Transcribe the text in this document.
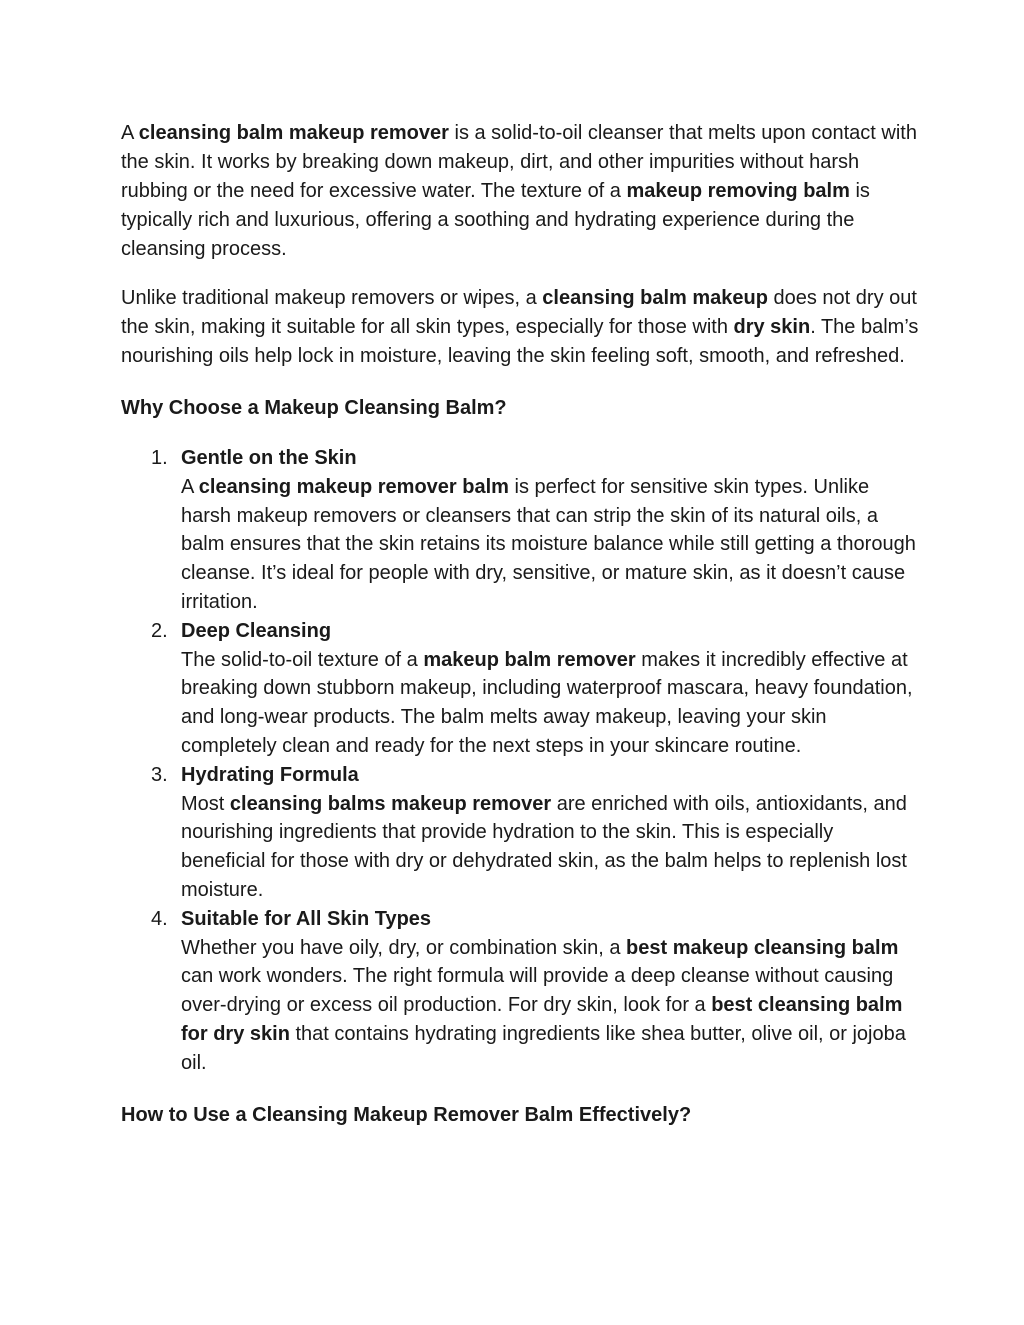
A cleansing balm makeup remover is a solid-to-oil cleanser that melts upon contact with the skin. It works by breaking down makeup, dirt, and other impurities without harsh rubbing or the need for excessive water. The texture of a makeup removing balm is typically rich and luxurious, offering a soothing and hydrating experience during the cleansing process.

Unlike traditional makeup removers or wipes, a cleansing balm makeup does not dry out the skin, making it suitable for all skin types, especially for those with dry skin. The balm’s nourishing oils help lock in moisture, leaving the skin feeling soft, smooth, and refreshed.

Why Choose a Makeup Cleansing Balm?
1. Gentle on the Skin
A cleansing makeup remover balm is perfect for sensitive skin types. Unlike harsh makeup removers or cleansers that can strip the skin of its natural oils, a balm ensures that the skin retains its moisture balance while still getting a thorough cleanse. It’s ideal for people with dry, sensitive, or mature skin, as it doesn’t cause irritation.
2. Deep Cleansing
The solid-to-oil texture of a makeup balm remover makes it incredibly effective at breaking down stubborn makeup, including waterproof mascara, heavy foundation, and long-wear products. The balm melts away makeup, leaving your skin completely clean and ready for the next steps in your skincare routine.
3. Hydrating Formula
Most cleansing balms makeup remover are enriched with oils, antioxidants, and nourishing ingredients that provide hydration to the skin. This is especially beneficial for those with dry or dehydrated skin, as the balm helps to replenish lost moisture.
4. Suitable for All Skin Types
Whether you have oily, dry, or combination skin, a best makeup cleansing balm can work wonders. The right formula will provide a deep cleanse without causing over-drying or excess oil production. For dry skin, look for a best cleansing balm for dry skin that contains hydrating ingredients like shea butter, olive oil, or jojoba oil.
How to Use a Cleansing Makeup Remover Balm Effectively?
